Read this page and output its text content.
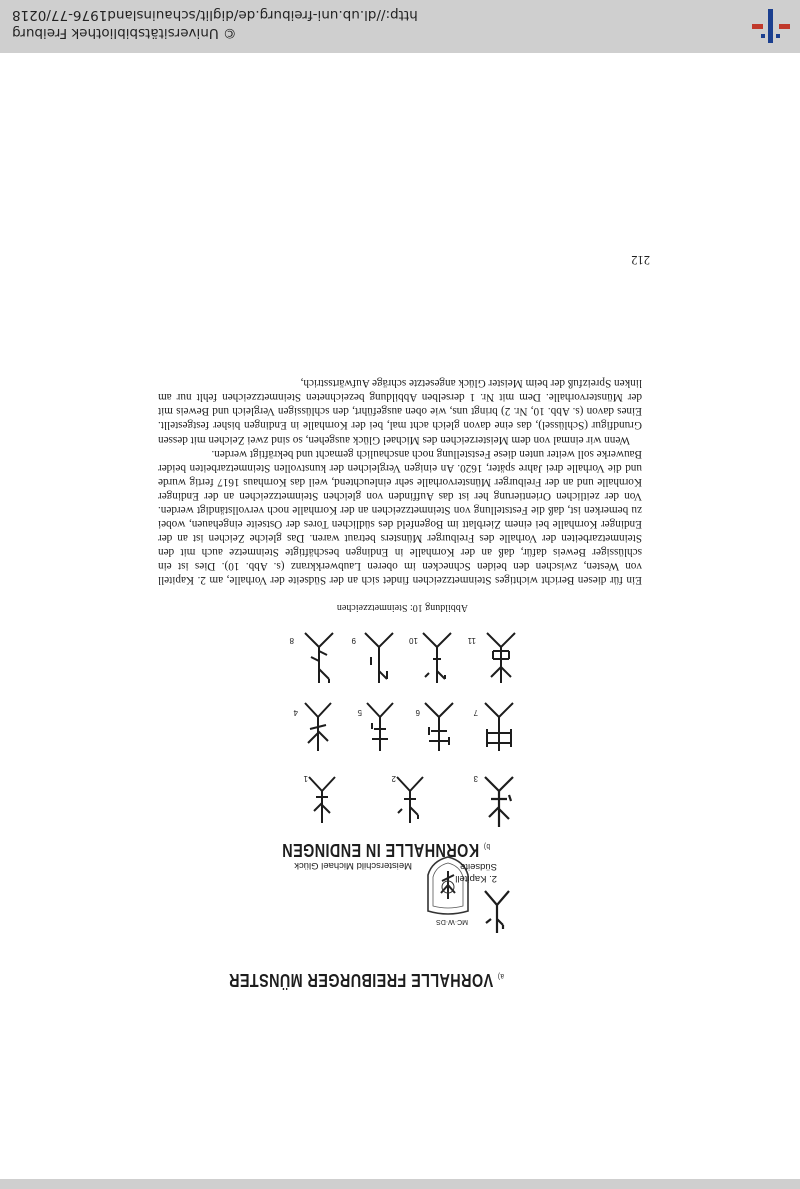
© Universitätsbibliothek Freiburg
http://dl.ub.uni-freiburg.de/diglit/schauinsland1976-77/0218
a) VORHALLE FREIBURGER MÜNSTER
MC·W·DS
Meisterschild Michael Glück
2. Kapitell
Südseite
b) KORNHALLE IN ENDINGEN
1	2	3
4	5	6	7
8	9	10	11
Abbildung 10: Steinmetzzeichen

Ein für diesen Bericht wichtiges Steinmetzzeichen findet sich an der Südseite der Vorhalle, am 2. Kapitell von Westen, zwischen den beiden Schnecken im oberen Laubwerkkranz (s. Abb. 10). Dies ist ein schlüssiger Beweis dafür, daß an der Kornhalle in Endingen beschäftigte Steinmetze auch mit den Steinmetzarbeiten der Vorhalle des Freiburger Münsters betraut waren. Das gleiche Zeichen ist an der Endinger Kornhalle bei einem Zierblatt im Bogenfeld des südlichen Tores der Ostseite eingehauen, wobei zu bemerken ist, daß die Feststellung von Steinmetzzeichen an der Kornhalle noch vervollständigt werden. Von der zeitlichen Orientierung her ist das Auffinden von gleichen Steinmetzzeichen an der Endinger Kornhalle und an der Freiburger Münstervorhalle sehr einleuchtend, weil das Kornhaus 1617 fertig wurde und die Vorhalle drei Jahre später, 1620. An einigen Vergleichen der kunstvollen Steinmetzarbeiten beider Bauwerke soll weiter unten diese Feststellung noch anschaulich gemacht und bekräftigt werden.

Wenn wir einmal von dem Meisterzeichen des Michael Glück ausgehen, so sind zwei Zeichen mit dessen Grundfigur (Schlüssel), das eine davon gleich acht mal, bei der Kornhalle in Endingen bisher festgestellt. Eines davon (s. Abb. 10, Nr. 2) bringt uns, wie oben ausgeführt, den schlüssigen Vergleich und Beweis mit der Münstervorhalle. Dem mit Nr. 1 derselben Abbildung bezeichneten Steinmetzzeichen fehlt nur am linken Spreizfuß der beim Meister Glück angesetzte schräge Aufwärtsstrich,

212
